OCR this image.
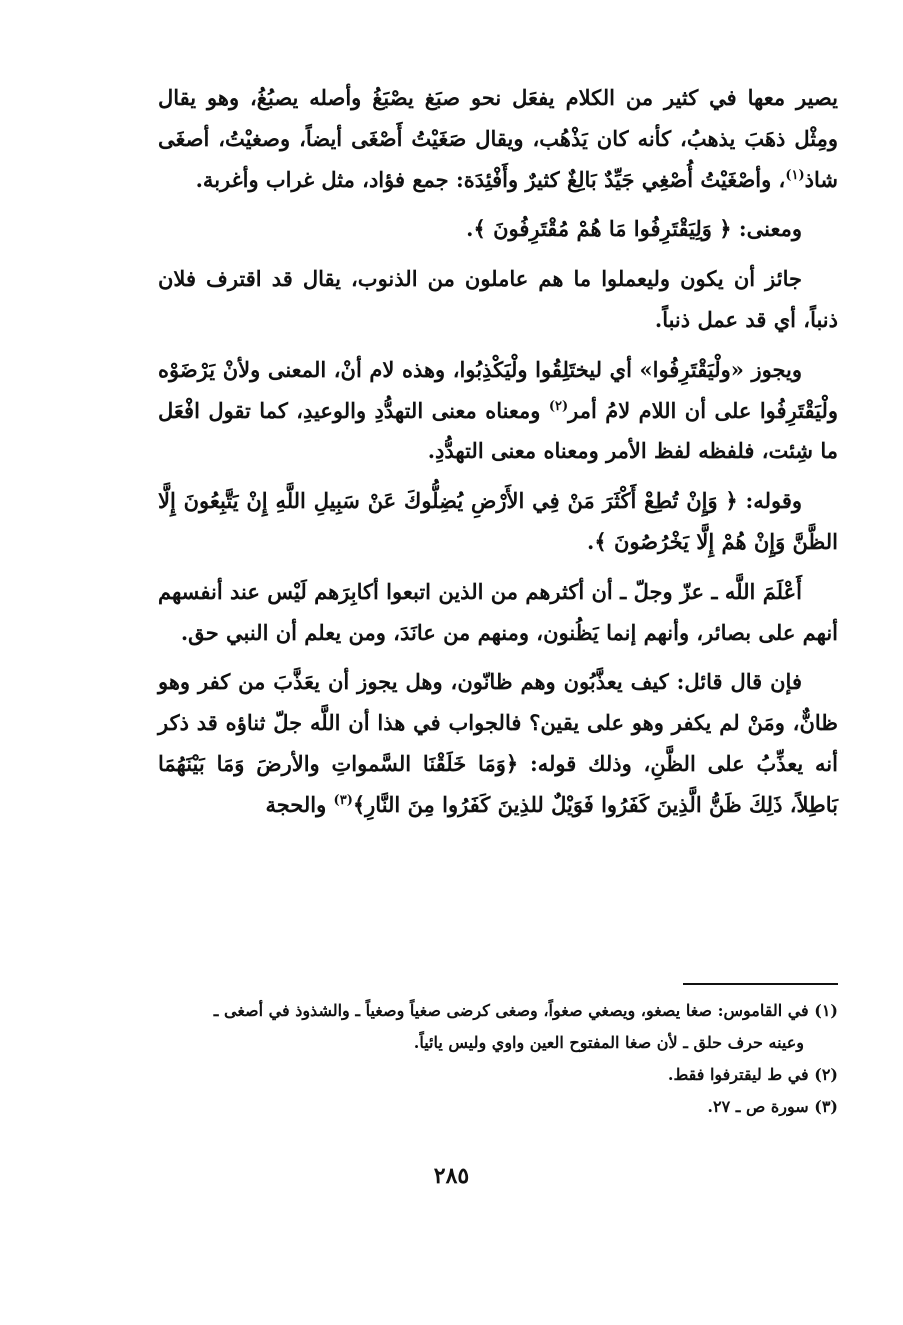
يصير معها في كثير من الكلام يفعَل نحو صبَغ يصْبَغُ وأصله يصبُغُ، وهو يقال ومِثْل ذهَبَ يذهبُ، كأنه كان يَذْهُب، ويقال صَغَيْتُ أَصْغَى أيضاً، وصغيْتُ، أصغَى شاذ$^{(١)}$، وأصْغَيْتُ أُصْغِي جَيِّدٌ بَالِغٌ كثيرٌ وأَفْئِدَة: جمع فؤاد، مثل غراب وأغربة.

ومعنى: ﴿ وَلِيَقْتَرِفُوا مَا هُمْ مُقْتَرِفُونَ ﴾.

جائز أن يكون وليعملوا ما هم عاملون من الذنوب، يقال قد اقترف فلان ذنباً، أي قد عمل ذنباً.

ويجوز «ولْيَقْتَرِفُوا» أي ليختَلِقُوا ولْيَكْذِبُوا، وهذه لام أنْ، المعنى ولأنْ يَرْضَوْه ولْيَقْتَرِفُوا على أن اللام لامُ أمر$^{(٢)}$ ومعناه معنى التهدُّدِ والوعيدِ، كما تقول افْعَل ما شِئت، فلفظه لفظ الأمر ومعناه معنى التهدُّدِ.

وقوله: ﴿ وَإِنْ تُطِعْ أَكْثَرَ مَنْ فِي الأَرْضِ يُضِلُّوكَ عَنْ سَبِيلِ اللَّهِ إِنْ يَتَّبِعُونَ إِلَّا الظَّنَّ وَإِنْ هُمْ إِلَّا يَخْرُصُونَ ﴾.

أَعْلَمَ اللَّه ـ عزّ وجلّ ـ أن أكثرهم من الذين اتبعوا أكابِرَهم لَيْس عند أنفسهم أنهم على بصائر، وأنهم إنما يَظُنون، ومنهم من عانَدَ، ومن يعلم أن النبي حق.

فإن قال قائل: كيف يعذَّبُون وهم ظانّون، وهل يجوز أن يعَذَّبَ من كفر وهو ظانٌّ، ومَنْ لم يكفر وهو على يقين؟ فالجواب في هذا أن اللَّه جلّ ثناؤه قد ذكر أنه يعذِّبُ على الظَّنِ، وذلك قوله: ﴿وَمَا خَلَقْنَا السَّمواتِ والأرضَ وَمَا بَيْنَهُمَا بَاطِلاً، ذَلِكَ ظَنُّ الَّذِينَ كَفَرُوا فَوَيْلٌ للذِينَ كَفَرُوا مِنَ النَّارِ﴾$^{(٣)}$ والحجة

(١) في القاموس: صغا يصغو، ويصغي صغواً، وصغى كرضى صغياً وصغياً ـ والشذوذ في أصغى ـ

وعينه حرف حلق ـ لأن صغا المفتوح العين واوي وليس يائياً.

(٢) في ط ليقترفوا فقط.

(٣) سورة ص ـ ٢٧.

٢٨٥
